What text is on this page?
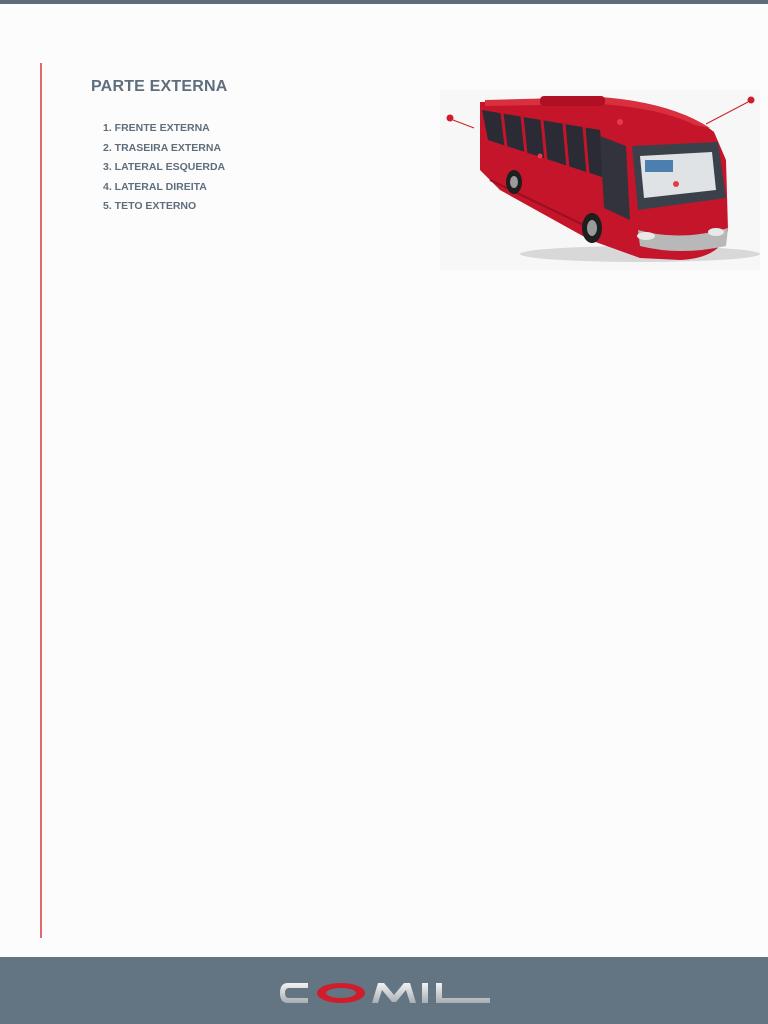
PARTE EXTERNA
1. FRENTE EXTERNA
2. TRASEIRA EXTERNA
3. LATERAL ESQUERDA
4. LATERAL DIREITA
5. TETO EXTERNO
